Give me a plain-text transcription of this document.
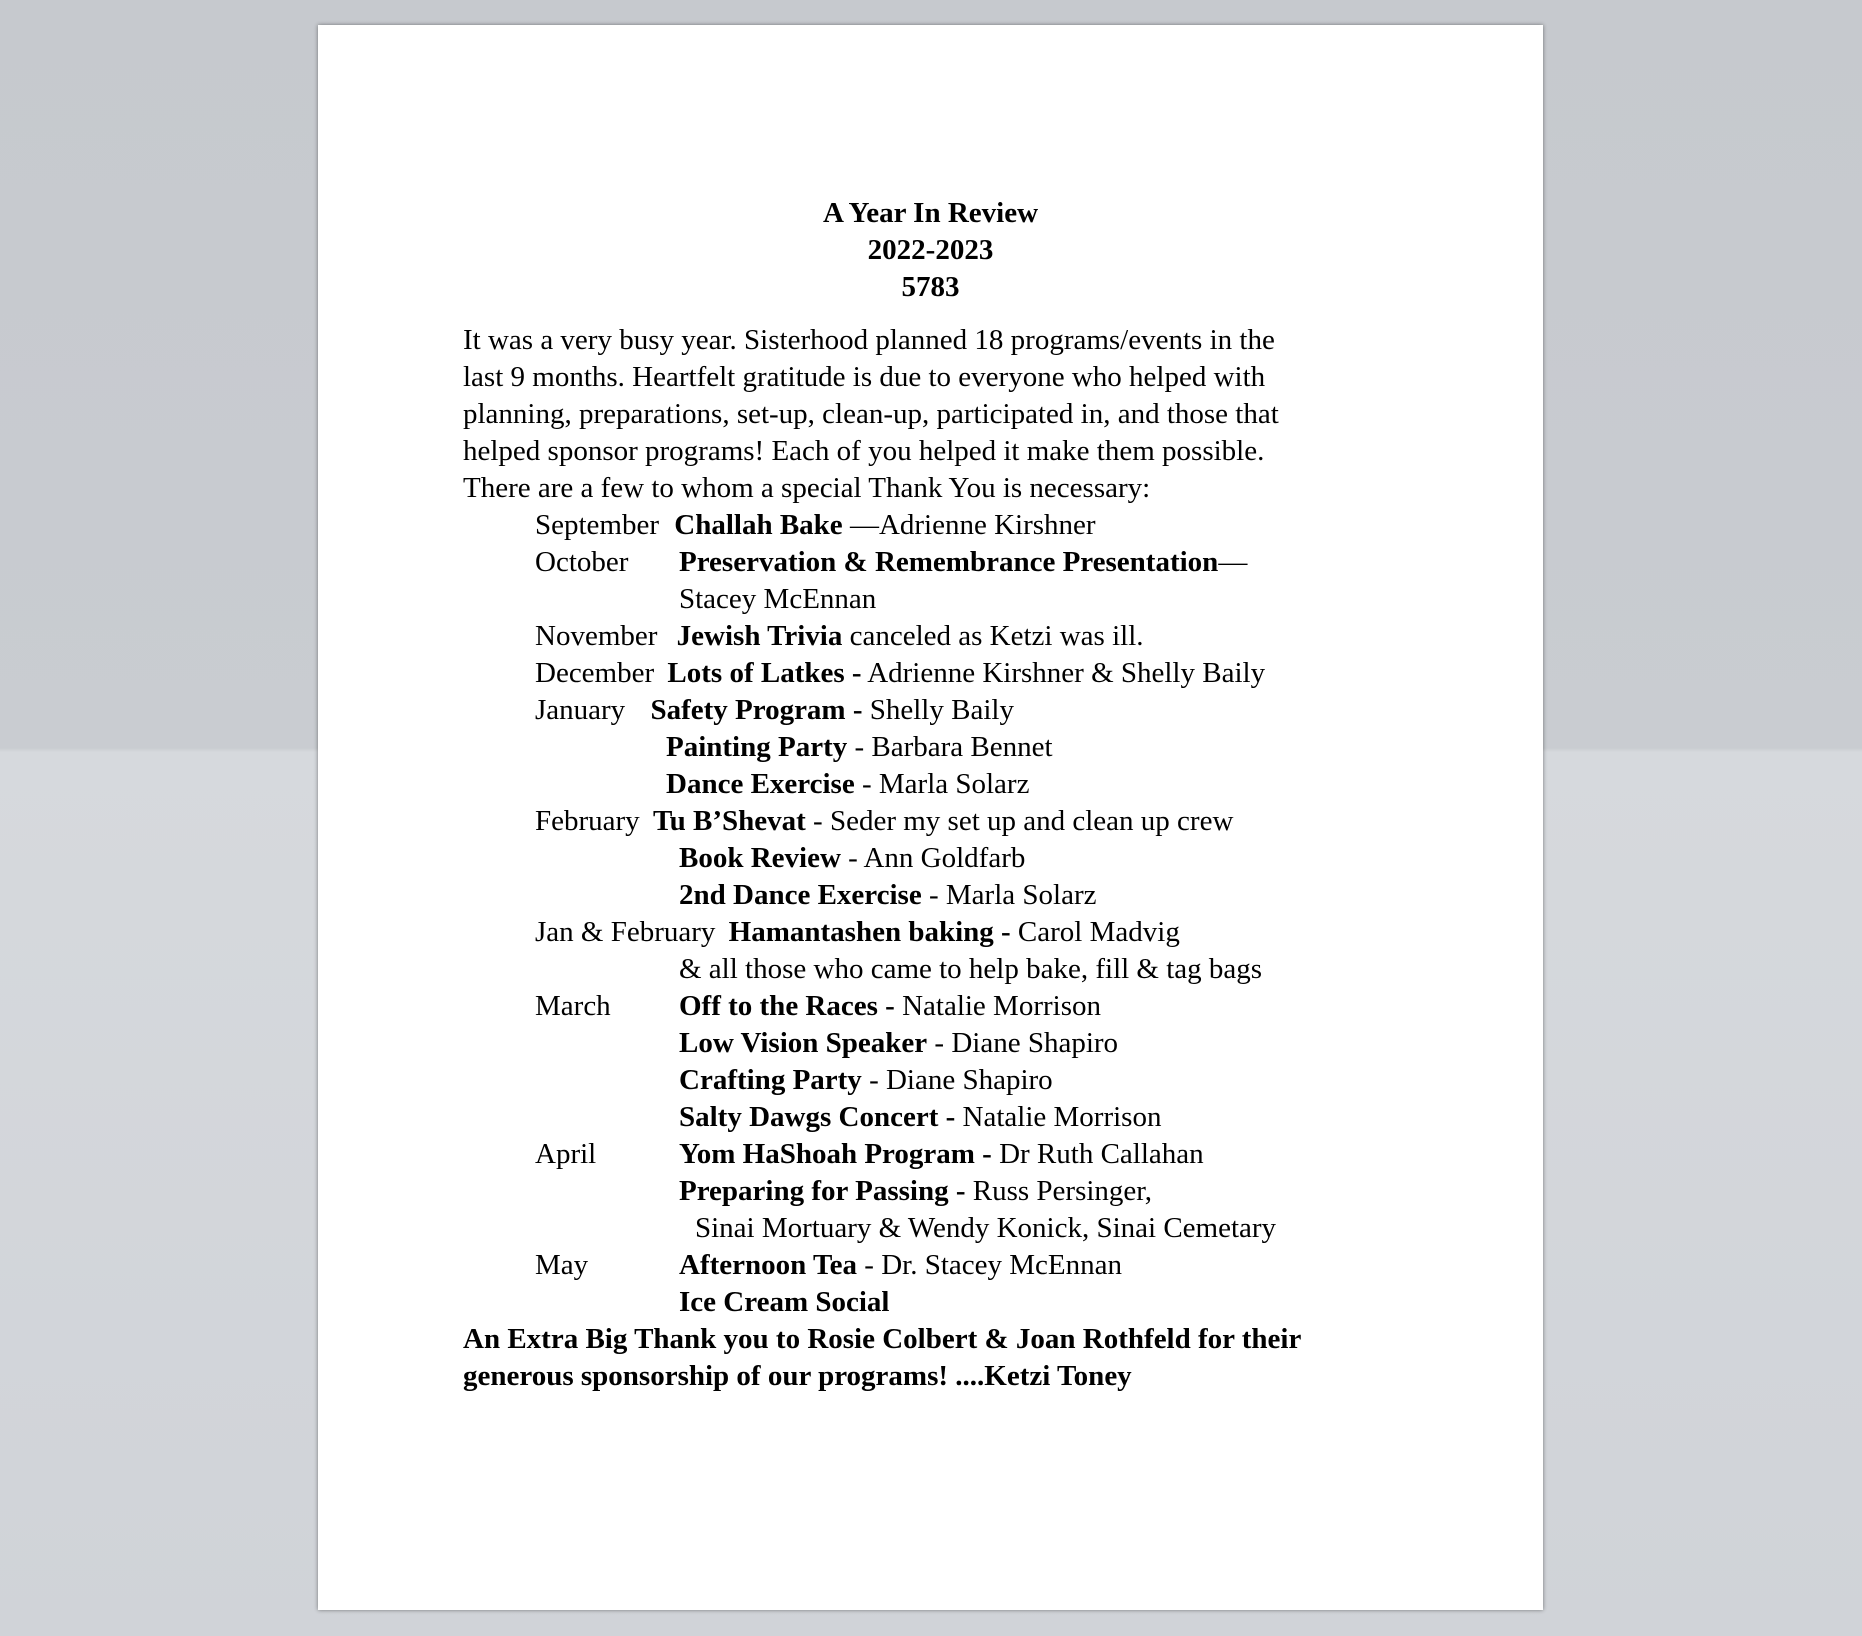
A Year In Review
2022-2023
5783
It was a very busy year. Sisterhood planned 18 programs/events in the
last 9 months. Heartfelt gratitude is due to everyone who helped with
planning, preparations, set-up, clean-up, participated in, and those that
helped sponsor programs! Each of you helped it make them possible.
There are a few to whom a special Thank You is necessary:
September Challah Bake —Adrienne Kirshner
October Preservation & Remembrance Presentation—
Stacey McEnnan
November Jewish Trivia canceled as Ketzi was ill.
December Lots of Latkes - Adrienne Kirshner & Shelly Baily
January Safety Program - Shelly Baily
Painting Party - Barbara Bennet
Dance Exercise - Marla Solarz
February Tu B’Shevat - Seder my set up and clean up crew
Book Review - Ann Goldfarb
2nd Dance Exercise - Marla Solarz
Jan & February Hamantashen baking - Carol Madvig
& all those who came to help bake, fill & tag bags
March Off to the Races - Natalie Morrison
Low Vision Speaker - Diane Shapiro
Crafting Party - Diane Shapiro
Salty Dawgs Concert - Natalie Morrison
April	Yom HaShoah Program - Dr Ruth Callahan
Preparing for Passing - Russ Persinger,
Sinai Mortuary & Wendy Konick, Sinai Cemetary
May	Afternoon Tea - Dr. Stacey McEnnan
Ice Cream Social
An Extra Big Thank you to Rosie Colbert & Joan Rothfeld for their
generous sponsorship of our programs! ....Ketzi Toney
